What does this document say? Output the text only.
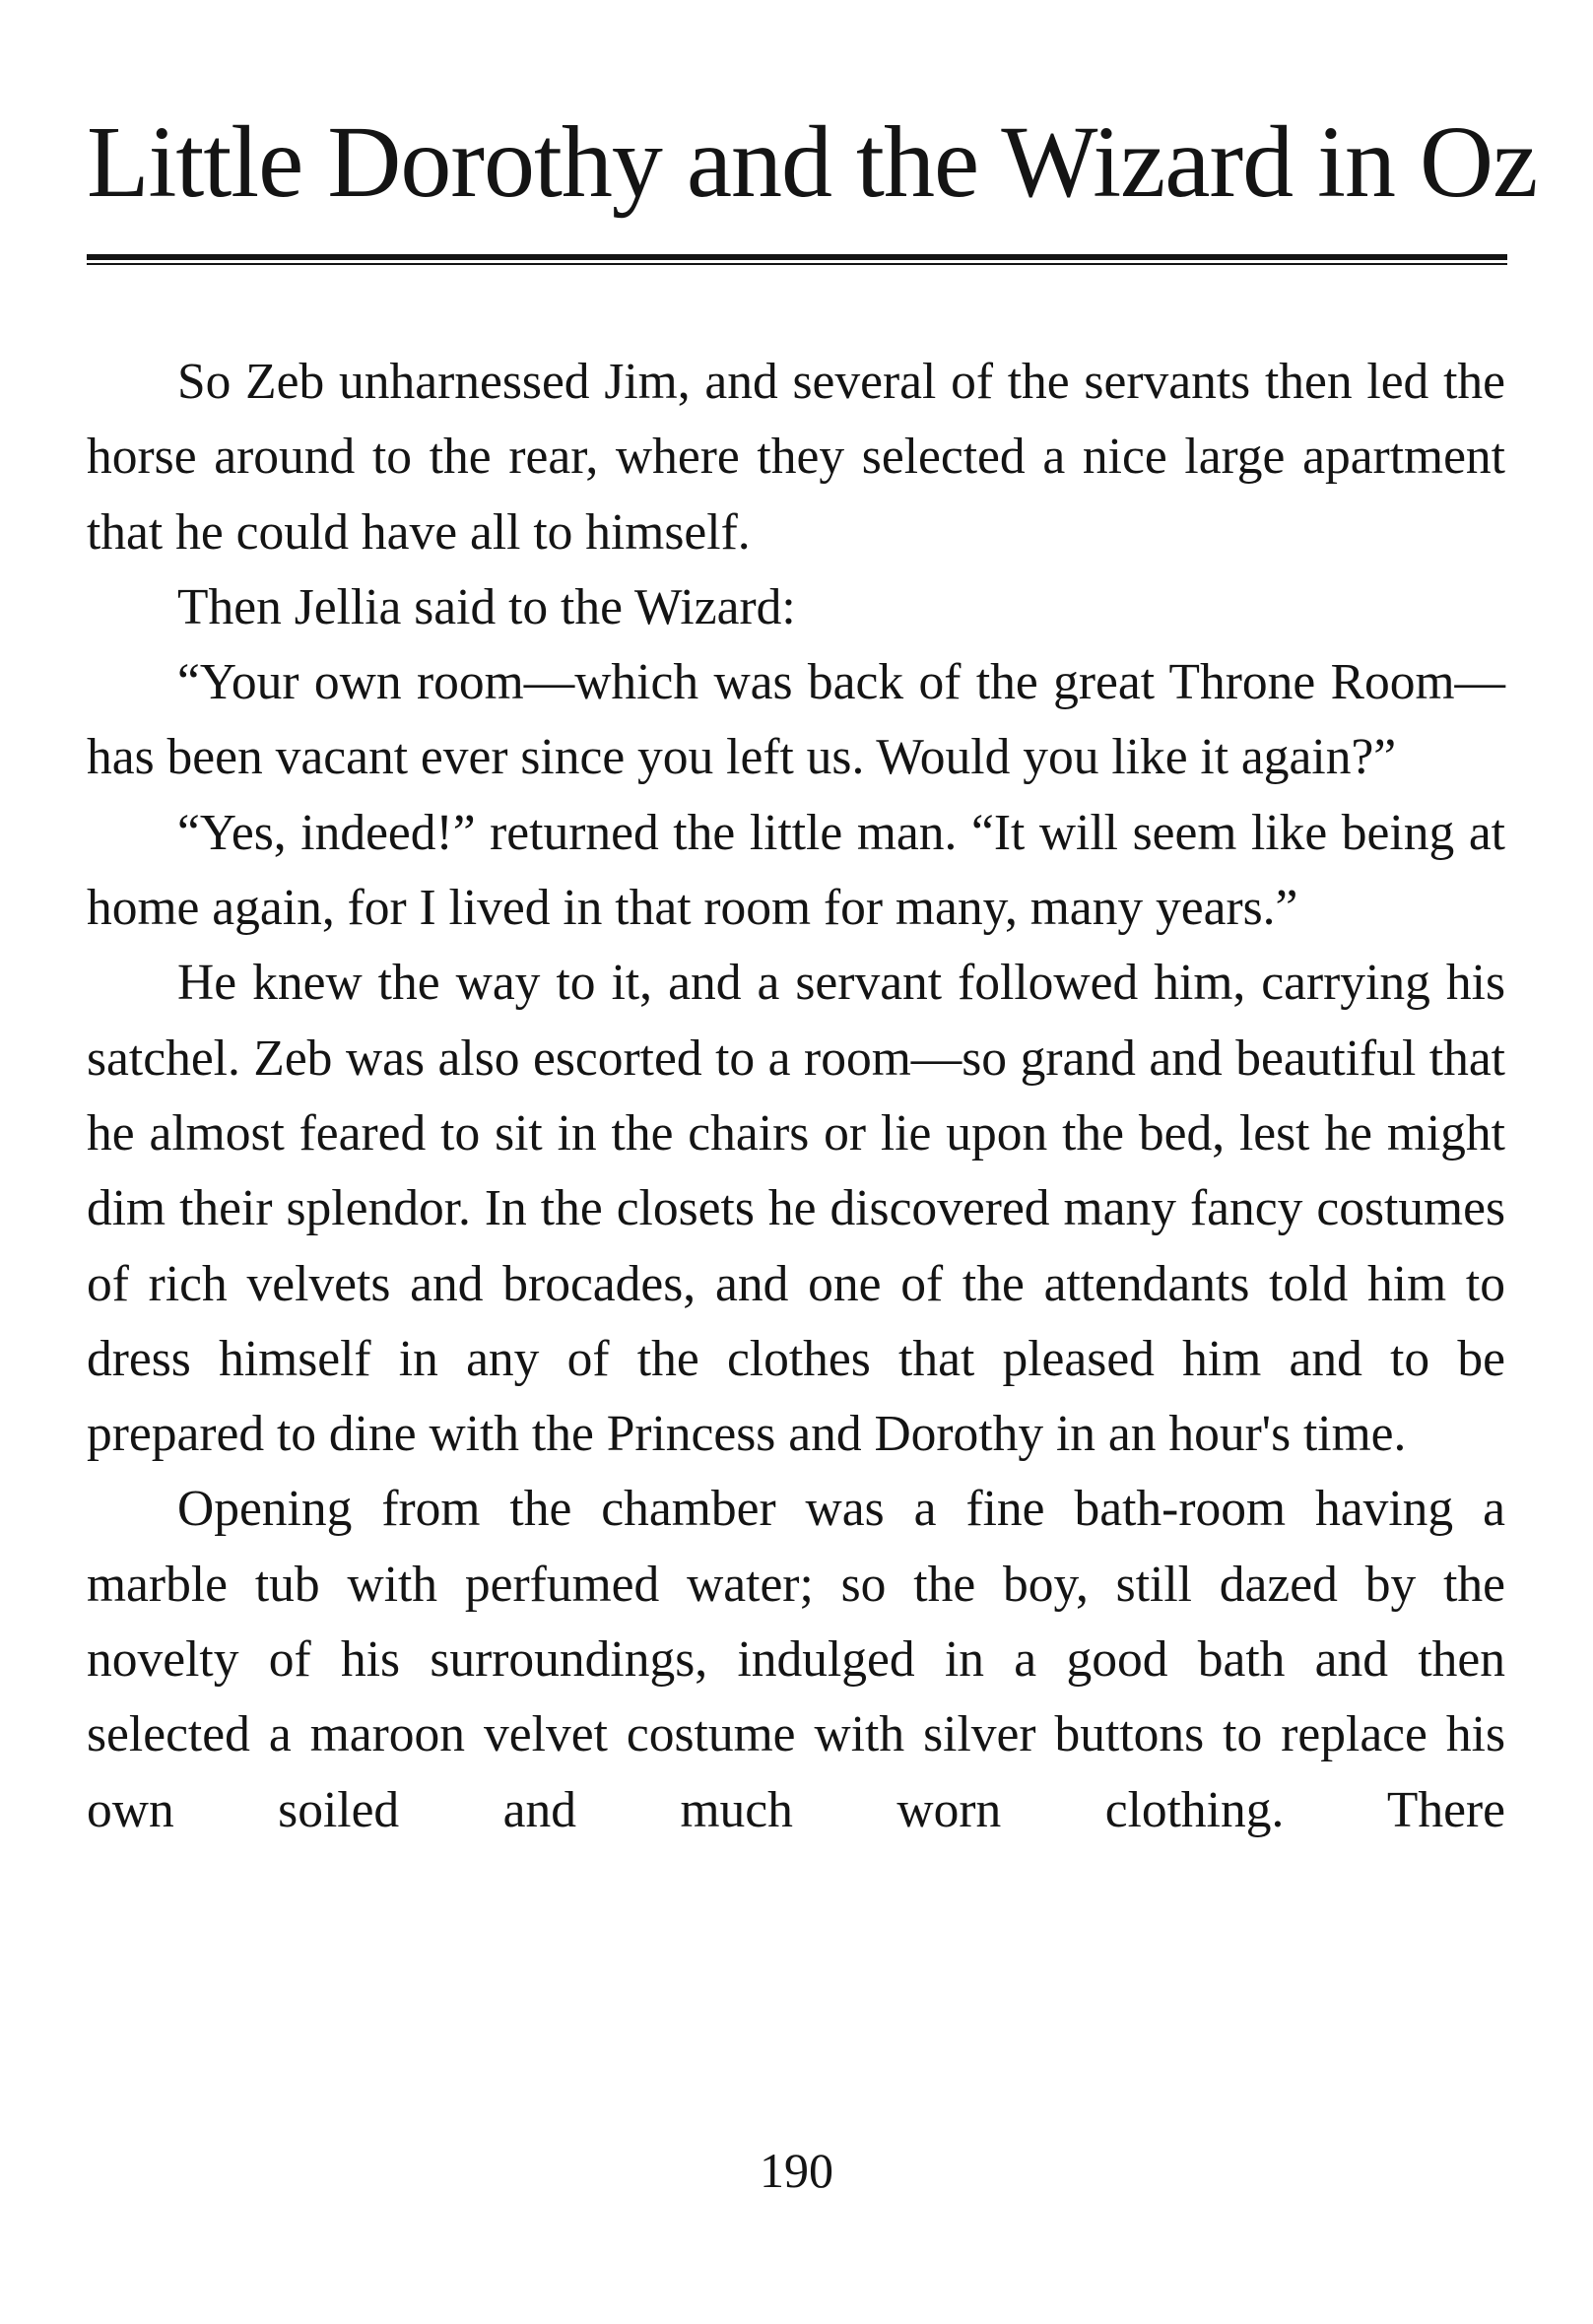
Little Dorothy and the Wizard in Oz

So Zeb unharnessed Jim, and several of the servants then led the horse around to the rear, where they selected a nice large apartment that he could have all to himself.

Then Jellia said to the Wizard:

“Your own room—which was back of the great Throne Room—has been vacant ever since you left us. Would you like it again?”

“Yes, indeed!” returned the little man. “It will seem like being at home again, for I lived in that room for many, many years.”

He knew the way to it, and a servant followed him, carrying his satchel. Zeb was also escorted to a room—so grand and beautiful that he almost feared to sit in the chairs or lie upon the bed, lest he might dim their splendor. In the closets he discovered many fancy costumes of rich velvets and brocades, and one of the attendants told him to dress himself in any of the clothes that pleased him and to be prepared to dine with the Princess and Dorothy in an hour's time.

Opening from the chamber was a fine bath-room having a marble tub with perfumed water; so the boy, still dazed by the novelty of his surroundings, indulged in a good bath and then selected a maroon velvet costume with silver buttons to replace his own soiled and much worn clothing. There

190
